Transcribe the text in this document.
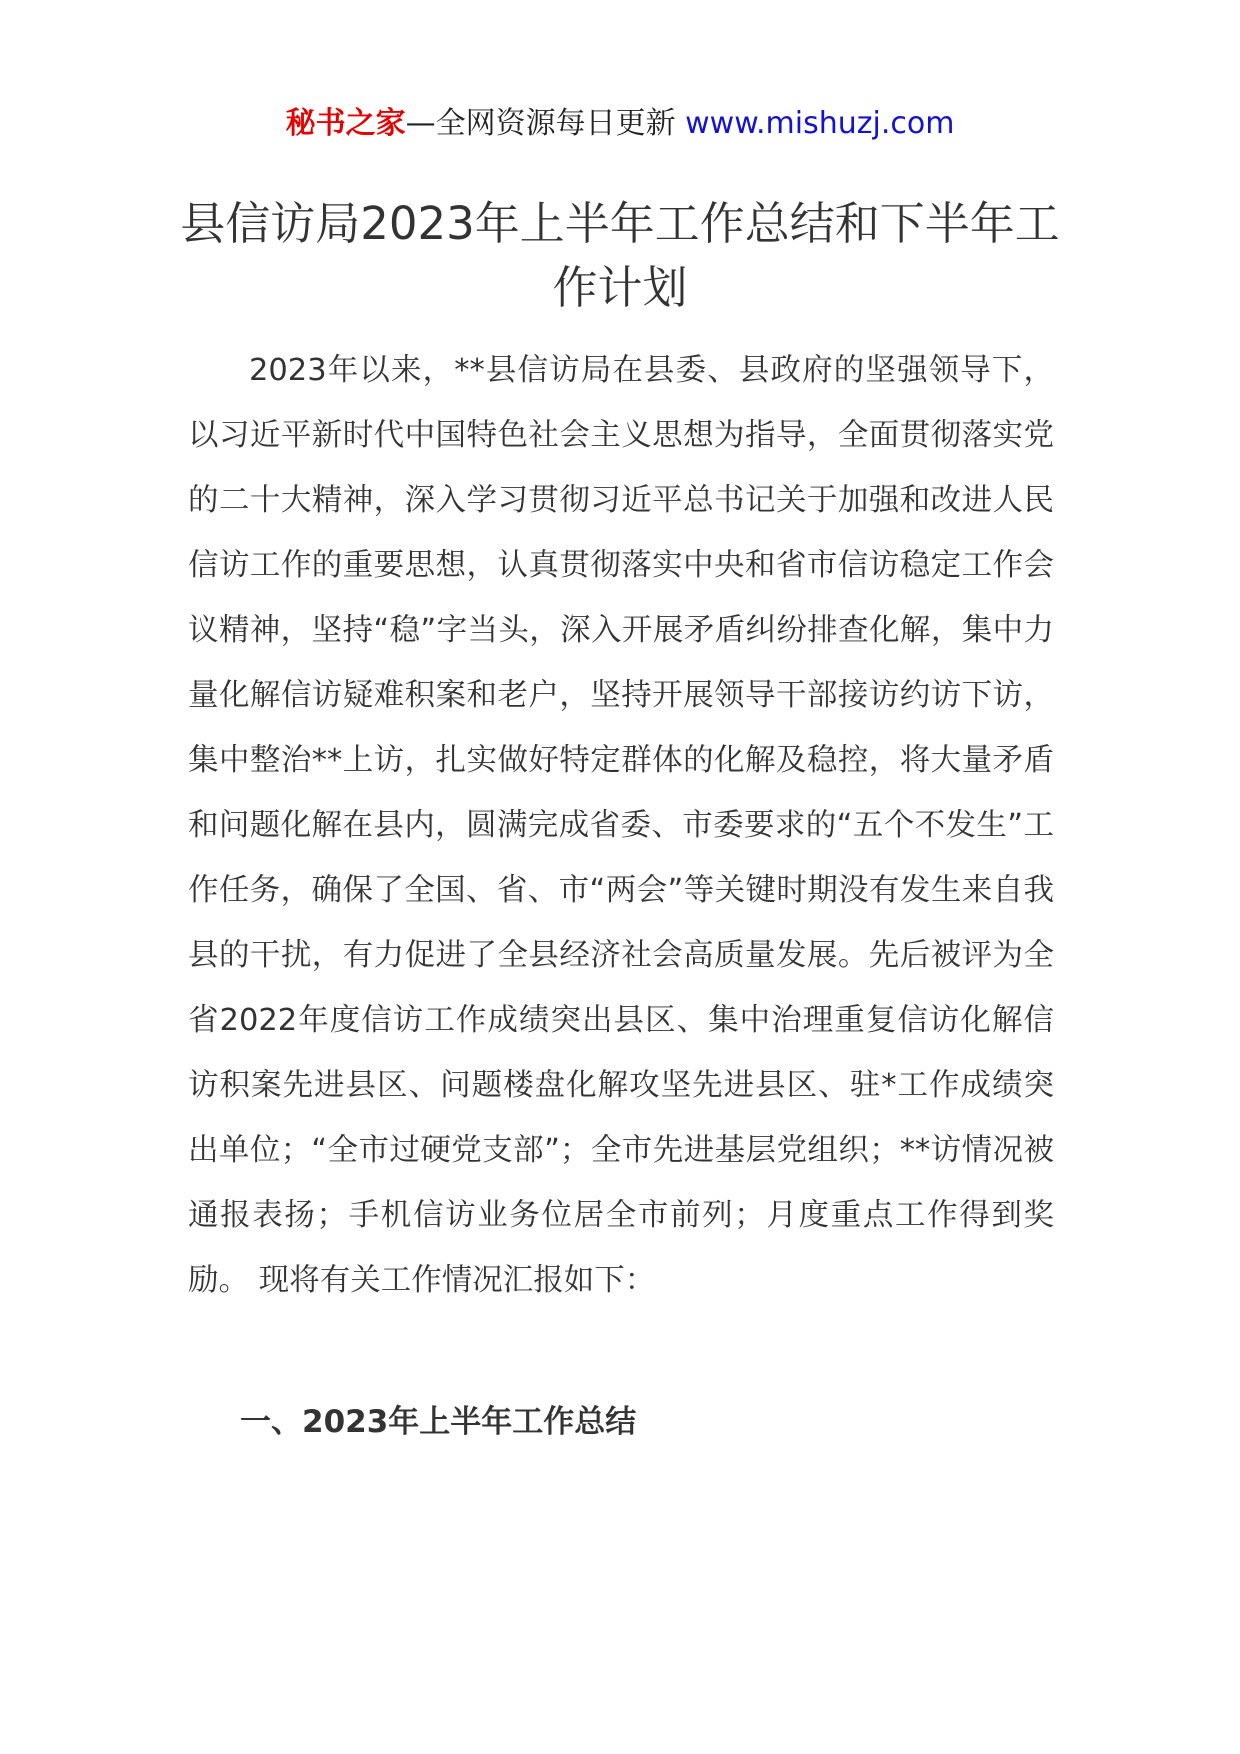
秘书之家—全网资源每日更新 www.mishuzj.com
县信访局2023年上半年工作总结和下半年工作计划

2023年以来，**县信访局在县委、县政府的坚强领导下，以习近平新时代中国特色社会主义思想为指导，全面贯彻落实党的二十大精神，深入学习贯彻习近平总书记关于加强和改进人民信访工作的重要思想，认真贯彻落实中央和省市信访稳定工作会议精神，坚持“稳”字当头，深入开展矛盾纠纷排查化解，集中力量化解信访疑难积案和老户，坚持开展领导干部接访约访下访，集中整治**上访，扎实做好特定群体的化解及稳控，将大量矛盾和问题化解在县内，圆满完成省委、市委要求的“五个不发生”工作任务，确保了全国、省、市“两会”等关键时期没有发生来自我县的干扰，有力促进了全县经济社会高质量发展。先后被评为全省2022年度信访工作成绩突出县区、集中治理重复信访化解信访积案先进县区、问题楼盘化解攻坚先进县区、驻*工作成绩突出单位；“全市过硬党支部”；全市先进基层党组织；**访情况被通报表扬；手机信访业务位居全市前列；月度重点工作得到奖励。 现将有关工作情况汇报如下：

一、2023年上半年工作总结
